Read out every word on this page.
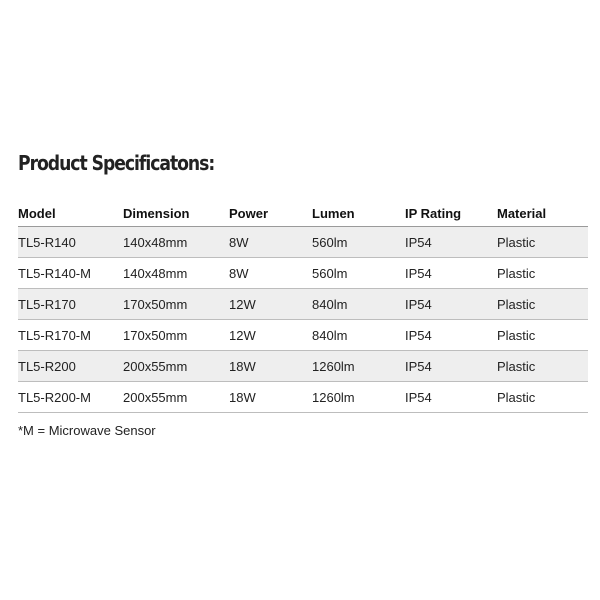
Product Specificatons:
Model	Dimension	Power	Lumen	IP Rating	Material
TL5-R140	140x48mm	8W	560lm	IP54	Plastic
TL5-R140-M	140x48mm	8W	560lm	IP54	Plastic
TL5-R170	170x50mm	12W	840lm	IP54	Plastic
TL5-R170-M	170x50mm	12W	840lm	IP54	Plastic
TL5-R200	200x55mm	18W	1260lm	IP54	Plastic
TL5-R200-M	200x55mm	18W	1260lm	IP54	Plastic
*M = Microwave Sensor
